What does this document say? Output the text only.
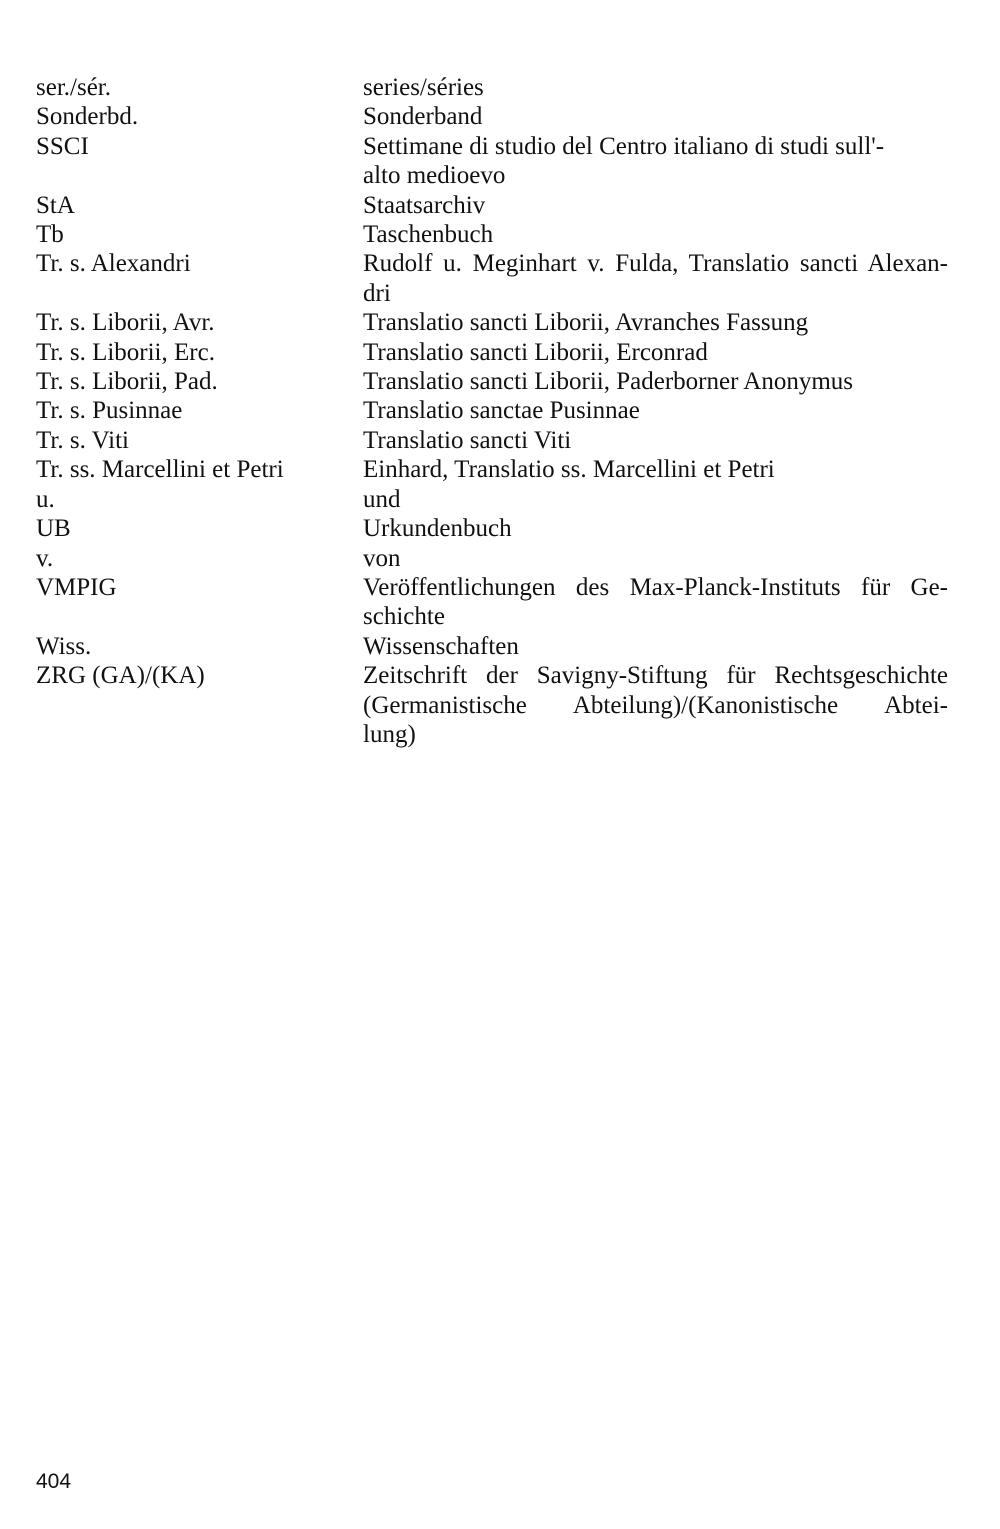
ser./sér.	series/séries
Sonderbd.	Sonderband
SSCI	Settimane di studio del Centro italiano di studi sull'-
alto medioevo
StA	Staatsarchiv
Tb	Taschenbuch
Tr. s. Alexandri	Rudolf u. Meginhart v. Fulda, Translatio sancti Alexan-
dri
Tr. s. Liborii, Avr.	Translatio sancti Liborii, Avranches Fassung
Tr. s. Liborii, Erc.	Translatio sancti Liborii, Erconrad
Tr. s. Liborii, Pad.	Translatio sancti Liborii, Paderborner Anonymus
Tr. s. Pusinnae	Translatio sanctae Pusinnae
Tr. s. Viti	Translatio sancti Viti
Tr. ss. Marcellini et Petri	Einhard, Translatio ss. Marcellini et Petri
u.	und
UB	Urkundenbuch
v.	von
VMPIG	Veröffentlichungen des Max-Planck-Instituts für Ge-
schichte
Wiss.	Wissenschaften
ZRG (GA)/(KA)	Zeitschrift der Savigny-Stiftung für Rechtsgeschichte
(Germanistische Abteilung)/(Kanonistische Abtei-
lung)
404
